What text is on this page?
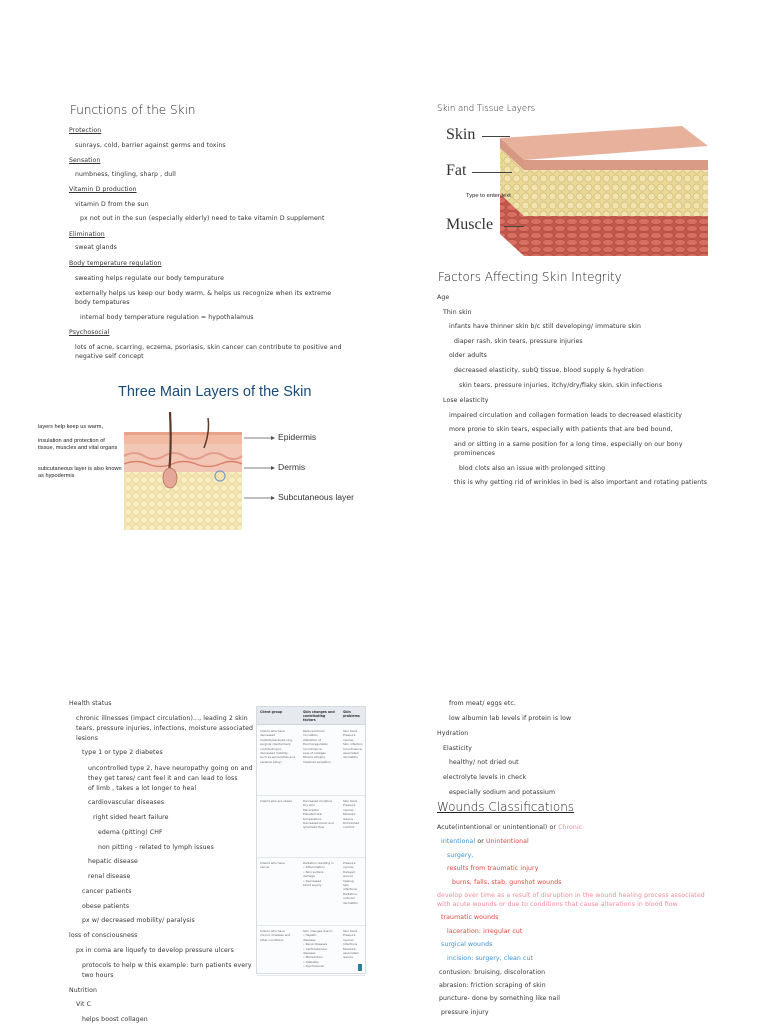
Functions of the Skin
Protection
sunrays, cold, barrier against germs and toxins
Sensation
numbness, tingling, sharp , dull
Vitamin D production
vitamin D from the sun
px not out in the sun (especially elderly) need to take vitamin D supplement
Elimination
sweat glands
Body temperature regulation
sweating helps regulate our body tempurature
externally helps us keep our body warm, & helps us recognize when its extreme
body tempatures
internal body temperature regulation = hypothalamus
Psychosocial
lots of acne, scarring, eczema, psoriasis, skin cancer can contribute to positive and
negative self concept
Three Main Layers of the Skin
layers help keep us warm,
insulation and protection of tissue, muscles and vital organs
subcutaneous layer is also known as hypodermis
Epidermis
Dermis
Subcutaneous layer
Skin and Tissue Layers
Skin
Fat
Muscle
Type to enter text
Factors Affecting Skin Integrity
Age
Thin skin
infants have thinner skin b/c still developing/ immature skin
diaper rash, skin tears, pressure injuries
older adults
decreased elasticity, subQ tissue, blood supply & hydration
skin tears, pressure injuries, itchy/dry/flaky skin, skin infections
Lose elasticity
impaired circulation and collagen formation leads to decreased elasticity
more prone to skin tears, especially with patients that are bed bound,
and or sitting in a same position for a long time, especially on our bony
prominences
blod clots also an issue with prolonged sitting
this is why getting rid of wrinkles in bed is also important and rotating patients
Health status
chronic illnesses (impact circulation)..., leading 2 skin
tears, pressure injuries, infections, moisture associated
lesions
type 1 or type 2 diabetes
uncontrolled type 2, have neuropathy going on and
they get tares/ cant feel it and can lead to loss
of limb , takes a lot longer to heal
cardiovascular diseases
right sided heart failure
edema (pitting) CHF
non pitting - related to lymph issues
hepatic disease
renal disease
cancer patients
obese patients
px w/ decreased mobility/ paralysis
loss of consciousness
px in coma are liquefy to develop pressure ulcers
protocols to help w this example: turn patients every
two hours
Nutrition
Vit C
helps boost collagen
Client group	Skin changes and contributing factors
Skin problems
Clients who have
decreased
mobility/paralysis (e.g.
surgical clients/client
contributing to
decreased mobility,
such as spina bifida and
cerebral palsy)
Reduced blood
circulation
Alteration of
thermoregulation
Incontinence
Loss of collagen
Muscle atrophy
Impaired sensation
Skin tears
Pressure
injuries
Skin infection
Incontinence-
associated
dermatitis
Clients who are obese	Decreased moisture
Dry skin
Maceration
Elevated skin
temperature
Decreased blood and
lymphatic flow
Skin tears
Pressure
injuries
Moisture
lesions
Diminished
comfort
Clients who have
cancer
Radiation resulting in
• Inflammation
• Skin surface
damage
• Decreased
blood supply
Pressure
injuries
Delayed
wound
healing
Skin
infections
Radiation-
induced
dermatitis
Clients who have
chronic illnesses and
other conditions
Skin changes due to
• Hepatic
diseases
• Renal diseases
• Cardiovascular
diseases
• Malnutrition
• Diabetes
• Psychosocial
Skin tears
Pressure
injuries
Infections
Moisture-
associated
lesions
from meat/ eggs etc.
low albumin lab levels if protein is low
Hydration
Elasticity
healthy/ not dried out
electrolyte levels in check
especially sodium and potassium
Wounds Classifications
Acute(intentional or unintentional) or Chronic
intentional or Unintentional
surgery,
results from traumatic injury
burns, falls, stab, gunshot wounds
develop over time as a result of disruption in the wound healing process associated
with acute wounds or due to conditions that cause alterations in blood flow
traumatic wounds
laceration: irregular cut
surgical wounds
incision: surgery, clean cut
contusion: bruising, discoloration
abrasion: friction scraping of skin
puncture- done by something like nail
pressure injury
